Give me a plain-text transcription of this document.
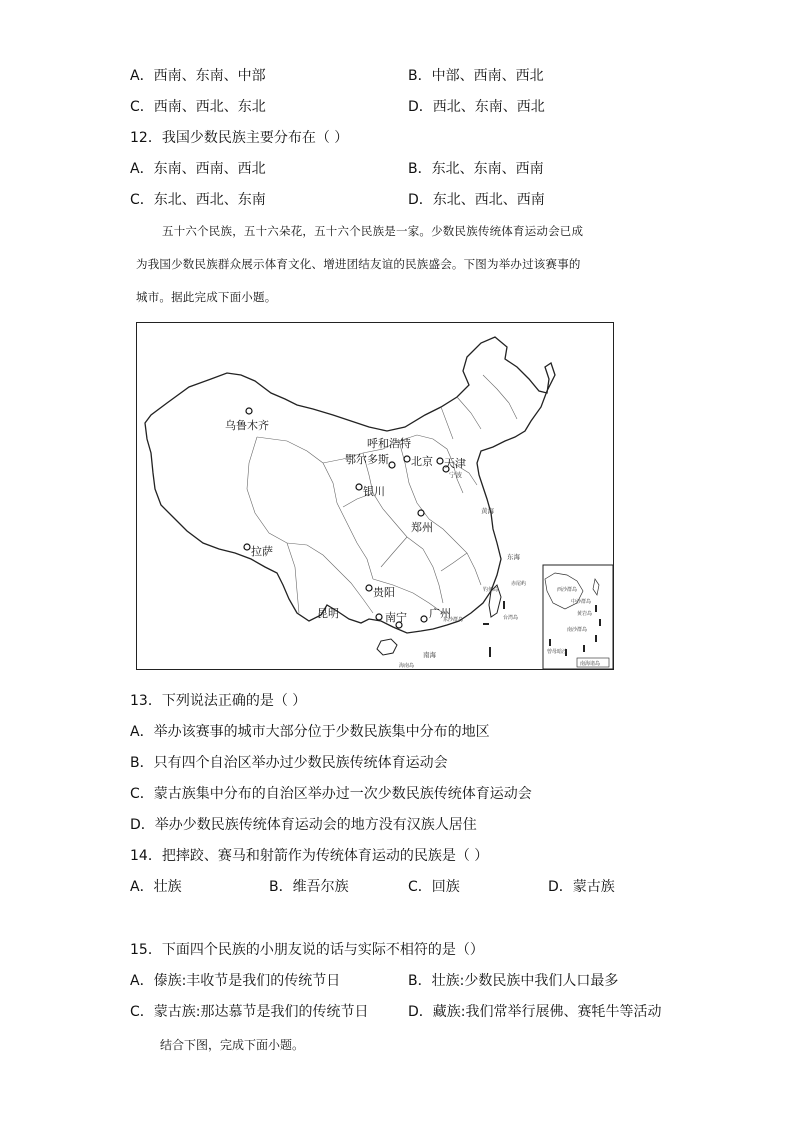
A．西南、东南、中部	B．中部、西南、西北
C．西南、西北、东北	D．西北、东南、西北
12．我国少数民族主要分布在（ ）
A．东南、西南、西北	B．东北、东南、西南
C．东北、西北、东南	D．东北、西北、西南
五十六个民族，五十六朵花，五十六个民族是一家。少数民族传统体育运动会已成
为我国少数民族群众展示体育文化、增进团结友谊的民族盛会。下图为举办过该赛事的
城市。据此完成下面小题。
乌鲁木齐
呼和浩特
鄂尔多斯 北京 天津
宁波
银川
郑州
拉萨
贵阳
昆明	南宁 广州
黄海
东海
钓鱼岛
赤尾屿
台湾岛
东沙群岛
南海
海南岛
西沙群岛
中沙群岛
黄岩岛
南沙群岛
曾母暗沙
南海诸岛
13．下列说法正确的是（ ）
A．举办该赛事的城市大部分位于少数民族集中分布的地区
B．只有四个自治区举办过少数民族传统体育运动会
C．蒙古族集中分布的自治区举办过一次少数民族传统体育运动会
D．举办少数民族传统体育运动会的地方没有汉族人居住
14．把摔跤、赛马和射箭作为传统体育运动的民族是（ ）
A．壮族	B．维吾尔族	C．回族	D．蒙古族
15．下面四个民族的小朋友说的话与实际不相符的是（）
A．傣族:丰收节是我们的传统节日	B．壮族:少数民族中我们人口最多
C．蒙古族:那达慕节是我们的传统节日	D．藏族:我们常举行展佛、赛牦牛等活动
结合下图，完成下面小题。
